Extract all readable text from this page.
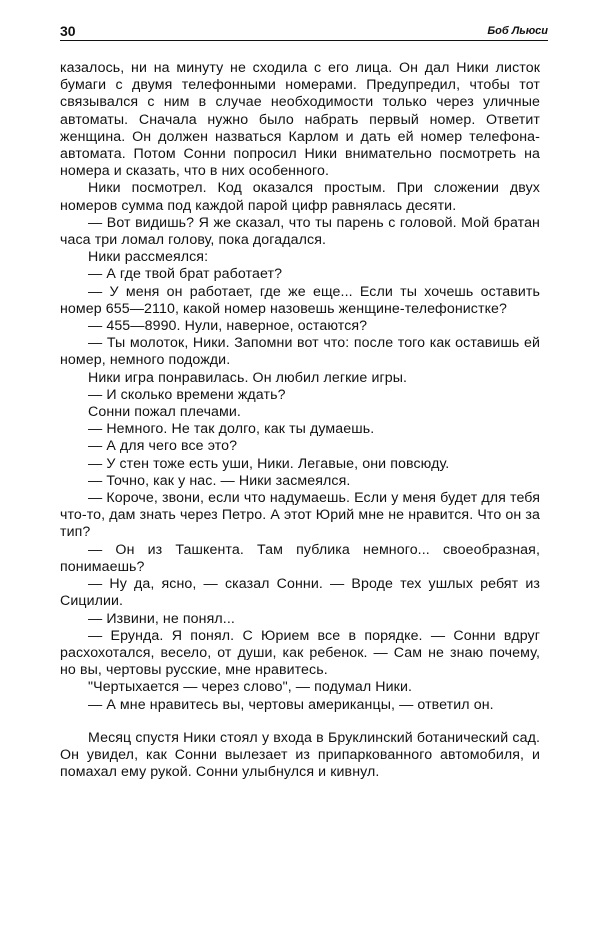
30	Боб Льюси

казалось, ни на минуту не сходила с его лица. Он дал Ники листок бумаги с двумя телефонными номерами. Предупредил, чтобы тот связывался с ним в случае необходимости только через уличные автоматы. Сначала нужно было набрать первый номер. Ответит женщина. Он должен назваться Карлом и дать ей номер телефона-автомата. Потом Сонни попросил Ники внимательно посмотреть на номера и сказать, что в них особенного.

Ники посмотрел. Код оказался простым. При сложении двух номеров сумма под каждой парой цифр равнялась десяти.

— Вот видишь? Я же сказал, что ты парень с головой. Мой братан часа три ломал голову, пока догадался.

Ники рассмеялся:

— А где твой брат работает?

— У меня он работает, где же еще... Если ты хочешь оставить номер 655—2110, какой номер назовешь женщине-телефонистке?

— 455—8990. Нули, наверное, остаются?

— Ты молоток, Ники. Запомни вот что: после того как оставишь ей номер, немного подожди.

Ники игра понравилась. Он любил легкие игры.

— И сколько времени ждать?

Сонни пожал плечами.

— Немного. Не так долго, как ты думаешь.

— А для чего все это?

— У стен тоже есть уши, Ники. Легавые, они повсюду.

— Точно, как у нас. — Ники засмеялся.

— Короче, звони, если что надумаешь. Если у меня будет для тебя что-то, дам знать через Петро. А этот Юрий мне не нравится. Что он за тип?

— Он из Ташкента. Там публика немного... своеобразная, понимаешь?

— Ну да, ясно, — сказал Сонни. — Вроде тех ушлых ребят из Сицилии.

— Извини, не понял...

— Ерунда. Я понял. С Юрием все в порядке. — Сонни вдруг расхохотался, весело, от души, как ребенок. — Сам не знаю почему, но вы, чертовы русские, мне нравитесь.

"Чертыхается — через слово", — подумал Ники.

— А мне нравитесь вы, чертовы американцы, — ответил он.

Месяц спустя Ники стоял у входа в Бруклинский ботанический сад. Он увидел, как Сонни вылезает из припаркованного автомобиля, и помахал ему рукой. Сонни улыбнулся и кивнул.
